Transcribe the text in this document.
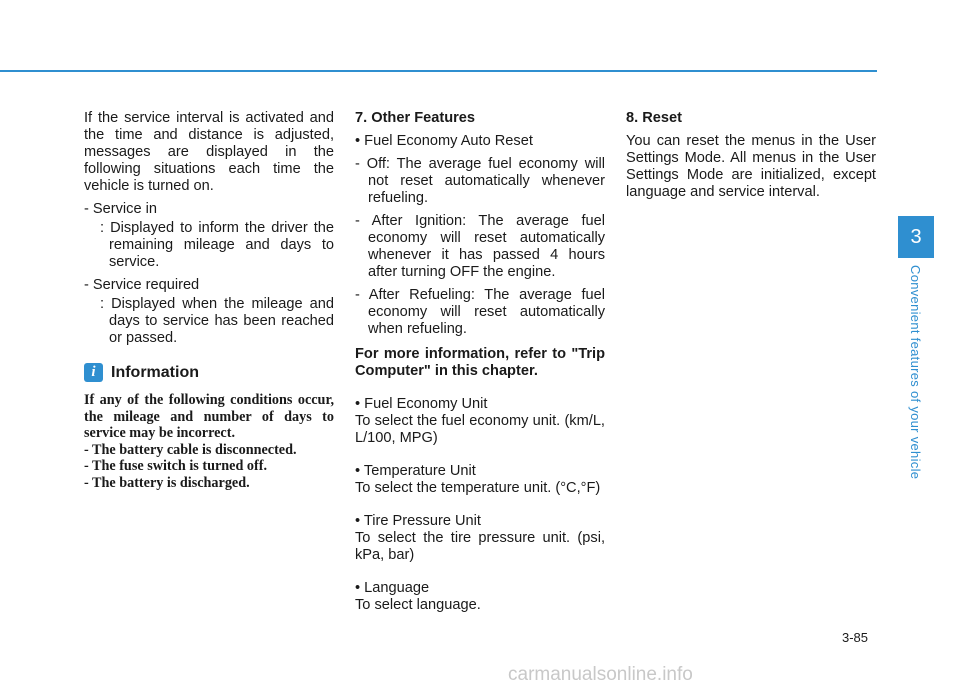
If the service interval is activated and the time and distance is adjusted, messages are displayed in the following situations each time the vehicle is turned on.

- Service in

: Displayed to inform the driver the remaining mileage and days to service.

- Service required

: Displayed when the mileage and days to service has been reached or passed.

i Information

If any of the following conditions occur, the mileage and number of days to service may be incorrect.

- The battery cable is disconnected.

- The fuse switch is turned off.

- The battery is discharged.

7. Other Features

• Fuel Economy Auto Reset

- Off: The average fuel economy will not reset automatically whenever refueling.

- After Ignition: The average fuel economy will reset automatically whenever it has passed 4 hours after turning OFF the engine.

- After Refueling: The average fuel economy will reset automatically when refueling.

For more information, refer to "Trip Computer" in this chapter.

• Fuel Economy Unit

To select the fuel economy unit. (km/L, L/100, MPG)

• Temperature Unit

To select the temperature unit. (°C,°F)

• Tire Pressure Unit

To select the tire pressure unit. (psi, kPa, bar)

• Language

To select language.

8. Reset

You can reset the menus in the User Settings Mode. All menus in the User Settings Mode are initialized, except language and service interval.

3
Convenient features of your vehicle
3-85
carmanualsonline.info
